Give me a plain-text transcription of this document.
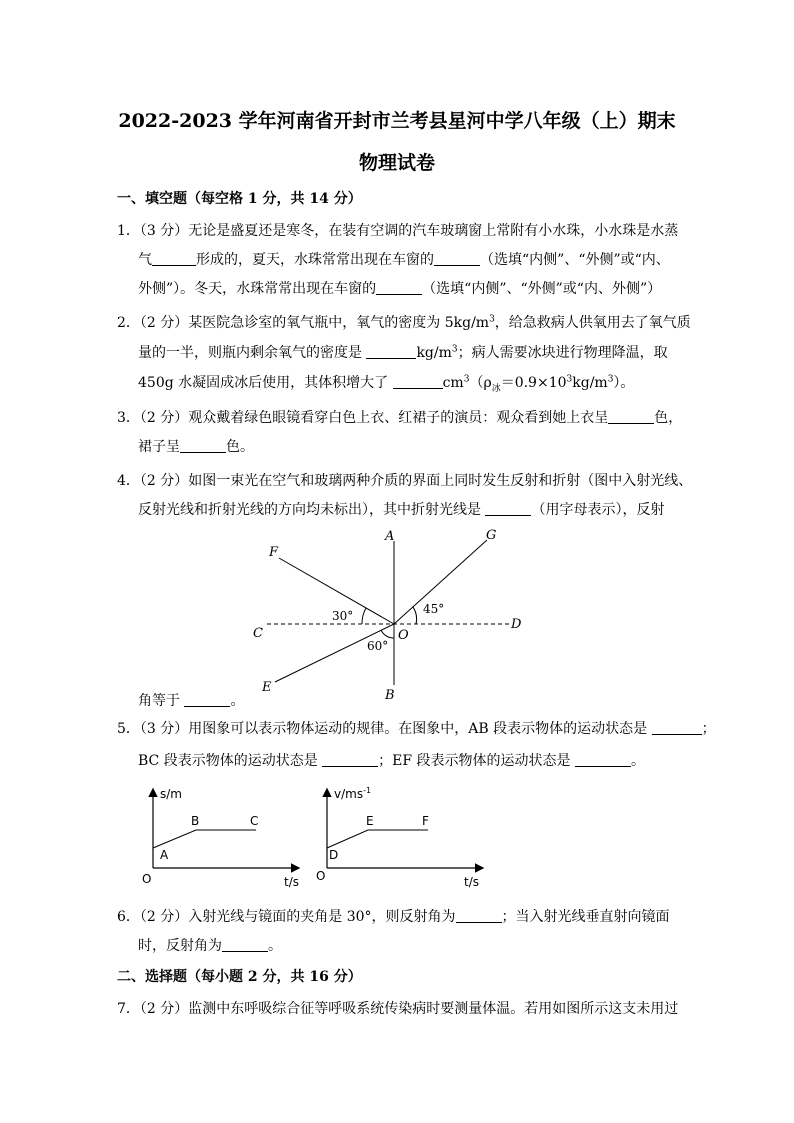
2022-2023 学年河南省开封市兰考县星河中学八年级（上）期末
物理试卷
一、填空题（每空格 1 分，共 14 分）
1．（3 分）无论是盛夏还是寒冬，在装有空调的汽车玻璃窗上常附有小水珠，小水珠是水蒸
气	形成的，夏天，水珠常常出现在车窗的	（选填“内侧”、“外侧”或“内、
外侧”）。冬天，水珠常常出现在车窗的	（选填“内侧”、“外侧”或“内、外侧”）
2．（2 分）某医院急诊室的氧气瓶中，氧气的密度为 $5kg/m^3$，给急救病人供氧用去了氧气质
量的一半，则瓶内剩余氧气的密度是	$kg/m^3$；病人需要冰块进行物理降温，取
450g 水凝固成冰后使用，其体积增大了	$cm^3(\rho_冰=0.9\times 10^3kg/m^3)$。
3．（2 分）观众戴着绿色眼镜看穿白色上衣、红裙子的演员：观众看到她上衣呈	色，
裙子呈	色。
4．（2 分）如图一束光在空气和玻璃两种介质的界面上同时发生反射和折射（图中入射光线、
反射光线和折射光线的方向均未标出），其中折射光线是	（用字母表示），反射
A
B
C
D
E
F
G
O
30°	45°
60°
角等于	。
5．（3 分）用图象可以表示物体运动的规律。在图象中，AB 段表示物体的运动状态是	；
BC 段表示物体的运动状态是	；EF 段表示物体的运动状态是	。
s/m
t/s
O
A
B	C
$v/ms^{-1}$
t/s
O
D
E	F
6．（2 分）入射光线与镜面的夹角是 30°，则反射角为	；当入射光线垂直射向镜面
时，反射角为	。
二、选择题（每小题 2 分，共 16 分）
7．（2 分）监测中东呼吸综合征等呼吸系统传染病时要测量体温。若用如图所示这支未用过
